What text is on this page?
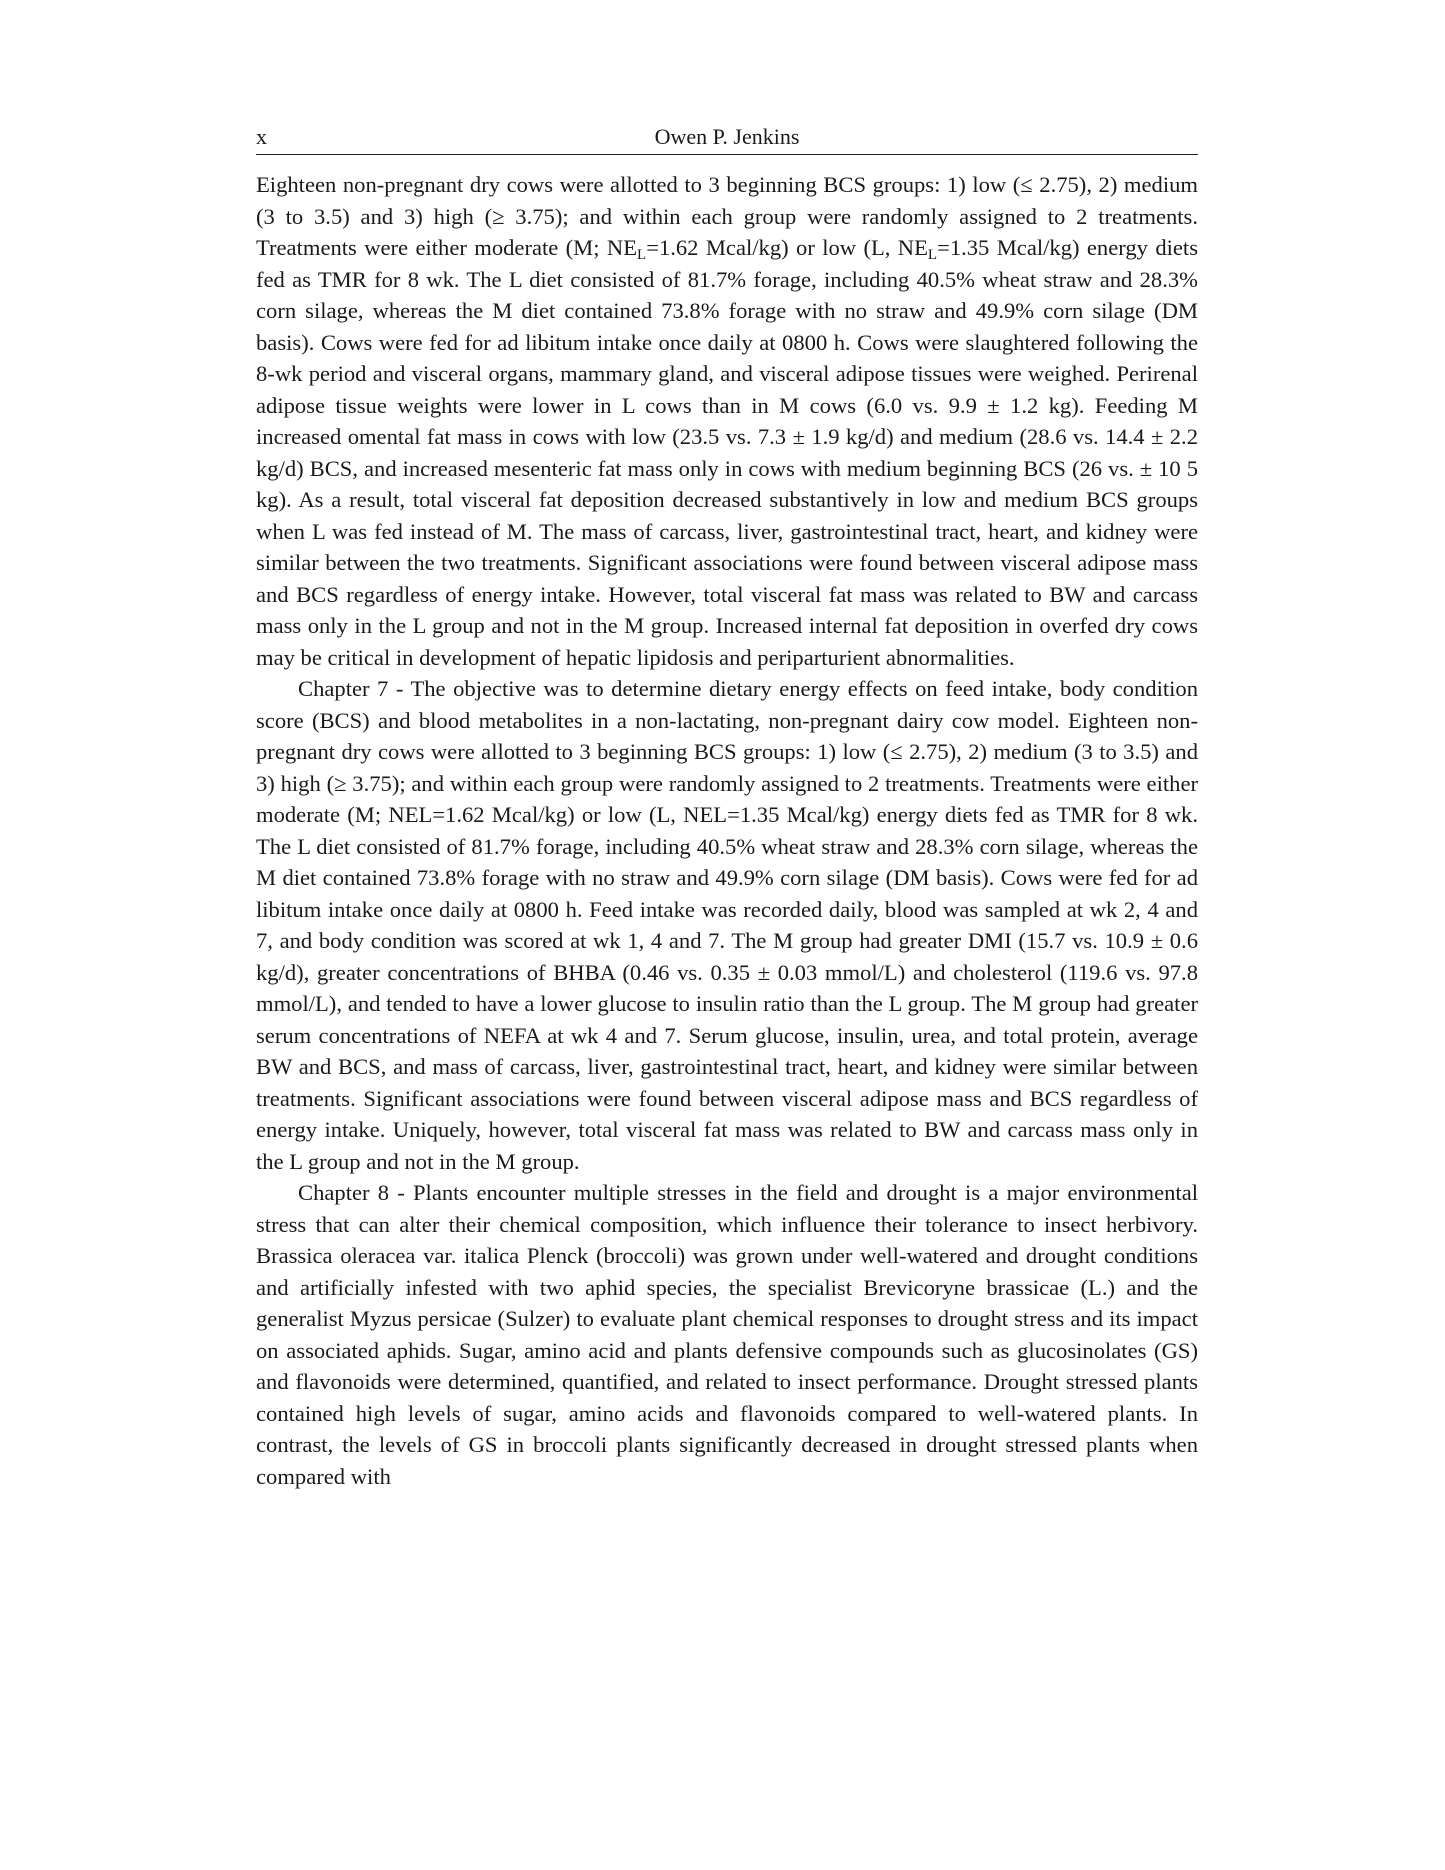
x	Owen P. Jenkins

Eighteen non-pregnant dry cows were allotted to 3 beginning BCS groups: 1) low (≤ 2.75), 2) medium (3 to 3.5) and 3) high (≥ 3.75); and within each group were randomly assigned to 2 treatments. Treatments were either moderate (M; $NE_L=1.62$ Mcal/kg) or low (L, $NE_L=1.35$ Mcal/kg) energy diets fed as TMR for 8 wk. The L diet consisted of 81.7% forage, including 40.5% wheat straw and 28.3% corn silage, whereas the M diet contained 73.8% forage with no straw and 49.9% corn silage (DM basis). Cows were fed for ad libitum intake once daily at 0800 h. Cows were slaughtered following the 8-wk period and visceral organs, mammary gland, and visceral adipose tissues were weighed. Perirenal adipose tissue weights were lower in L cows than in M cows (6.0 vs. 9.9 ± 1.2 kg). Feeding M increased omental fat mass in cows with low (23.5 vs. 7.3 ± 1.9 kg/d) and medium (28.6 vs. 14.4 ± 2.2 kg/d) BCS, and increased mesenteric fat mass only in cows with medium beginning BCS (26 vs. ± 10 5 kg). As a result, total visceral fat deposition decreased substantively in low and medium BCS groups when L was fed instead of M. The mass of carcass, liver, gastrointestinal tract, heart, and kidney were similar between the two treatments. Significant associations were found between visceral adipose mass and BCS regardless of energy intake. However, total visceral fat mass was related to BW and carcass mass only in the L group and not in the M group. Increased internal fat deposition in overfed dry cows may be critical in development of hepatic lipidosis and periparturient abnormalities.

Chapter 7 - The objective was to determine dietary energy effects on feed intake, body condition score (BCS) and blood metabolites in a non-lactating, non-pregnant dairy cow model. Eighteen non-pregnant dry cows were allotted to 3 beginning BCS groups: 1) low (≤ 2.75), 2) medium (3 to 3.5) and 3) high (≥ 3.75); and within each group were randomly assigned to 2 treatments. Treatments were either moderate (M; NEL=1.62 Mcal/kg) or low (L, NEL=1.35 Mcal/kg) energy diets fed as TMR for 8 wk. The L diet consisted of 81.7% forage, including 40.5% wheat straw and 28.3% corn silage, whereas the M diet contained 73.8% forage with no straw and 49.9% corn silage (DM basis). Cows were fed for ad libitum intake once daily at 0800 h. Feed intake was recorded daily, blood was sampled at wk 2, 4 and 7, and body condition was scored at wk 1, 4 and 7. The M group had greater DMI (15.7 vs. 10.9 ± 0.6 kg/d), greater concentrations of BHBA (0.46 vs. 0.35 ± 0.03 mmol/L) and cholesterol (119.6 vs. 97.8 mmol/L), and tended to have a lower glucose to insulin ratio than the L group. The M group had greater serum concentrations of NEFA at wk 4 and 7. Serum glucose, insulin, urea, and total protein, average BW and BCS, and mass of carcass, liver, gastrointestinal tract, heart, and kidney were similar between treatments. Significant associations were found between visceral adipose mass and BCS regardless of energy intake. Uniquely, however, total visceral fat mass was related to BW and carcass mass only in the L group and not in the M group.

Chapter 8 - Plants encounter multiple stresses in the field and drought is a major environmental stress that can alter their chemical composition, which influence their tolerance to insect herbivory. Brassica oleracea var. italica Plenck (broccoli) was grown under well-watered and drought conditions and artificially infested with two aphid species, the specialist Brevicoryne brassicae (L.) and the generalist Myzus persicae (Sulzer) to evaluate plant chemical responses to drought stress and its impact on associated aphids. Sugar, amino acid and plants defensive compounds such as glucosinolates (GS) and flavonoids were determined, quantified, and related to insect performance. Drought stressed plants contained high levels of sugar, amino acids and flavonoids compared to well-watered plants. In contrast, the levels of GS in broccoli plants significantly decreased in drought stressed plants when compared with
